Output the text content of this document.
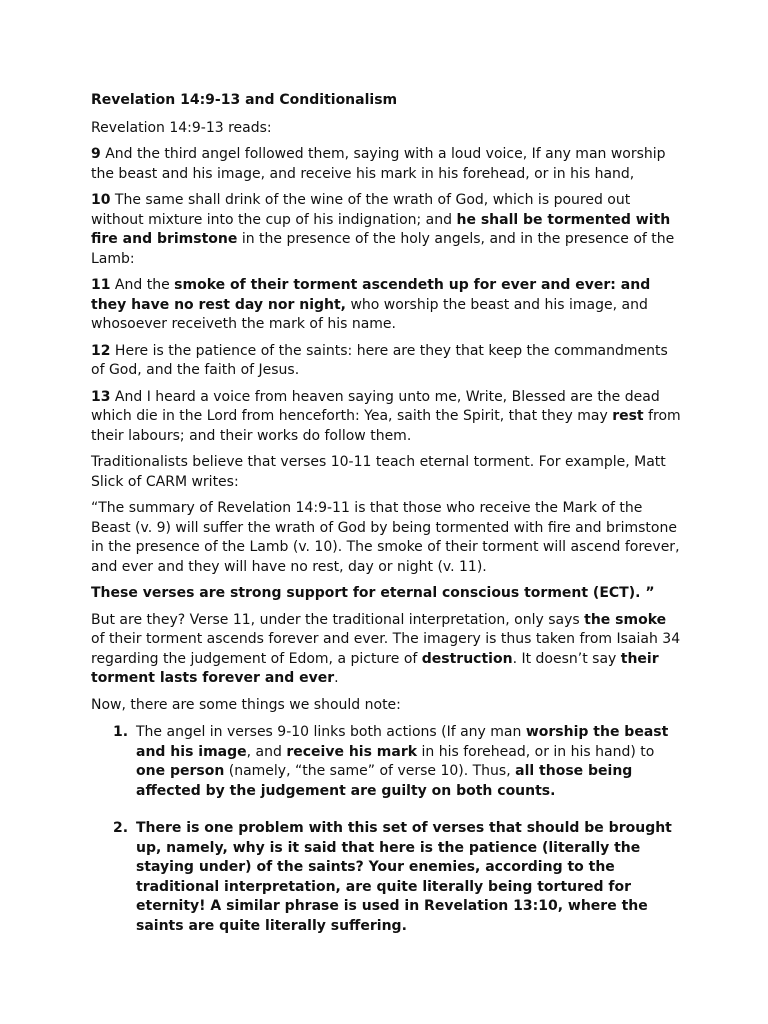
Revelation 14:9-13 and Conditionalism

Revelation 14:9-13 reads:

9 And the third angel followed them, saying with a loud voice, If any man worship the beast and his image, and receive his mark in his forehead, or in his hand,

10 The same shall drink of the wine of the wrath of God, which is poured out without mixture into the cup of his indignation; and he shall be tormented with fire and brimstone in the presence of the holy angels, and in the presence of the Lamb:

11 And the smoke of their torment ascendeth up for ever and ever: and they have no rest day nor night, who worship the beast and his image, and whosoever receiveth the mark of his name.

12 Here is the patience of the saints: here are they that keep the commandments of God, and the faith of Jesus.

13 And I heard a voice from heaven saying unto me, Write, Blessed are the dead which die in the Lord from henceforth: Yea, saith the Spirit, that they may rest from their labours; and their works do follow them.

Traditionalists believe that verses 10-11 teach eternal torment. For example, Matt Slick of CARM writes:

“The summary of Revelation 14:9-11 is that those who receive the Mark of the Beast (v. 9) will suffer the wrath of God by being tormented with fire and brimstone in the presence of the Lamb (v. 10). The smoke of their torment will ascend forever, and ever and they will have no rest, day or night (v. 11).

These verses are strong support for eternal conscious torment (ECT). ”

But are they? Verse 11, under the traditional interpretation, only says the smoke of their torment ascends forever and ever. The imagery is thus taken from Isaiah 34 regarding the judgement of Edom, a picture of destruction. It doesn’t say their torment lasts forever and ever.

Now, there are some things we should note:

1. The angel in verses 9-10 links both actions (If any man worship the beast and his image, and receive his mark in his forehead, or in his hand) to one person (namely, “the same” of verse 10). Thus, all those being affected by the judgement are guilty on both counts.
2. There is one problem with this set of verses that should be brought up, namely, why is it said that here is the patience (literally the staying under) of the saints? Your enemies, according to the traditional interpretation, are quite literally being tortured for eternity! A similar phrase is used in Revelation 13:10, where the saints are quite literally suffering.
